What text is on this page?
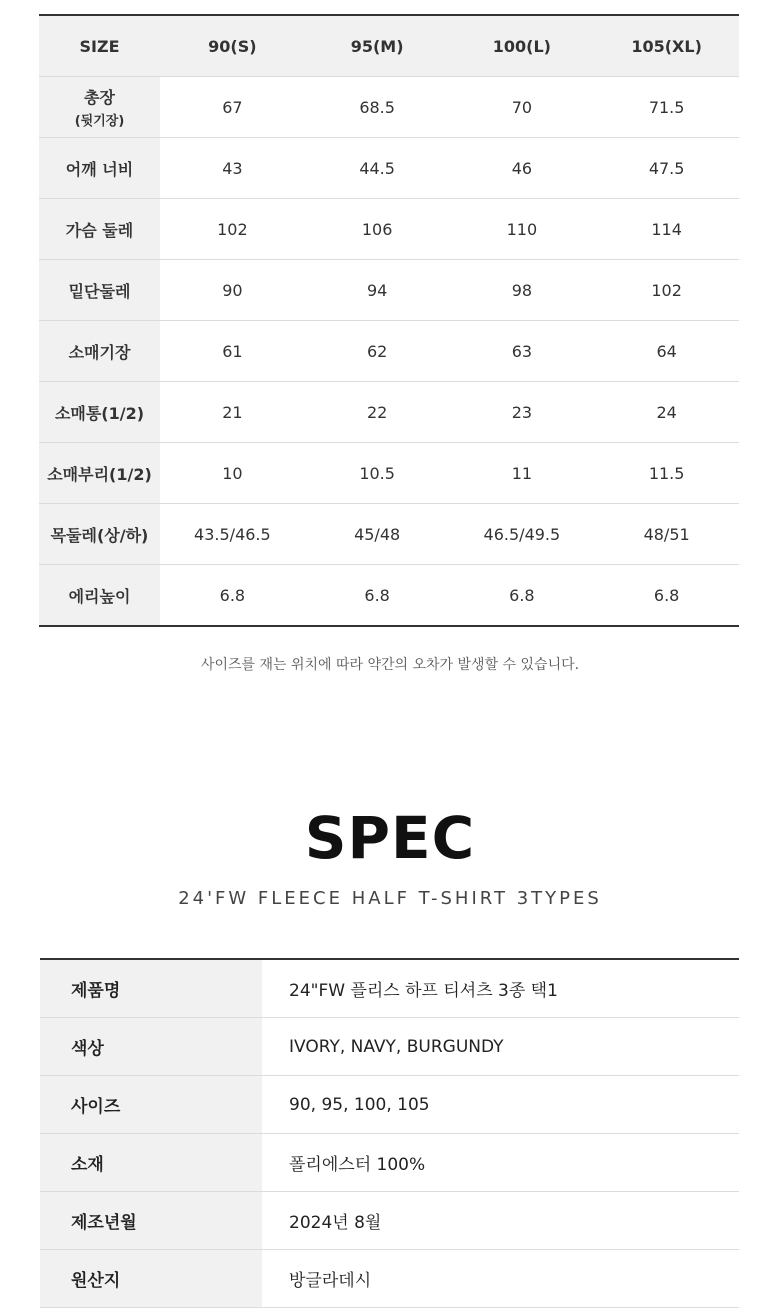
SIZE	90(S)	95(M)	100(L)	105(XL)
총장
(뒷기장)	67	68.5	70	71.5
어깨 너비	43	44.5	46	47.5
가슴 둘레	102	106	110	114
밑단둘레	90	94	98	102
소매기장	61	62	63	64
소매통(1/2)	21	22	23	24
소매부리(1/2)	10	10.5	11	11.5
목둘레(상/하)	43.5/46.5	45/48	46.5/49.5	48/51
에리높이	6.8	6.8	6.8	6.8
사이즈를 재는 위치에 따라 약간의 오차가 발생할 수 있습니다.
SPEC
24'FW FLEECE HALF T-SHIRT 3TYPES
제품명	24"FW 플리스 하프 티셔츠 3종 택1
색상	IVORY, NAVY, BURGUNDY
사이즈	90, 95, 100, 105
소재	폴리에스터 100%
제조년월	2024년 8월
원산지	방글라데시
